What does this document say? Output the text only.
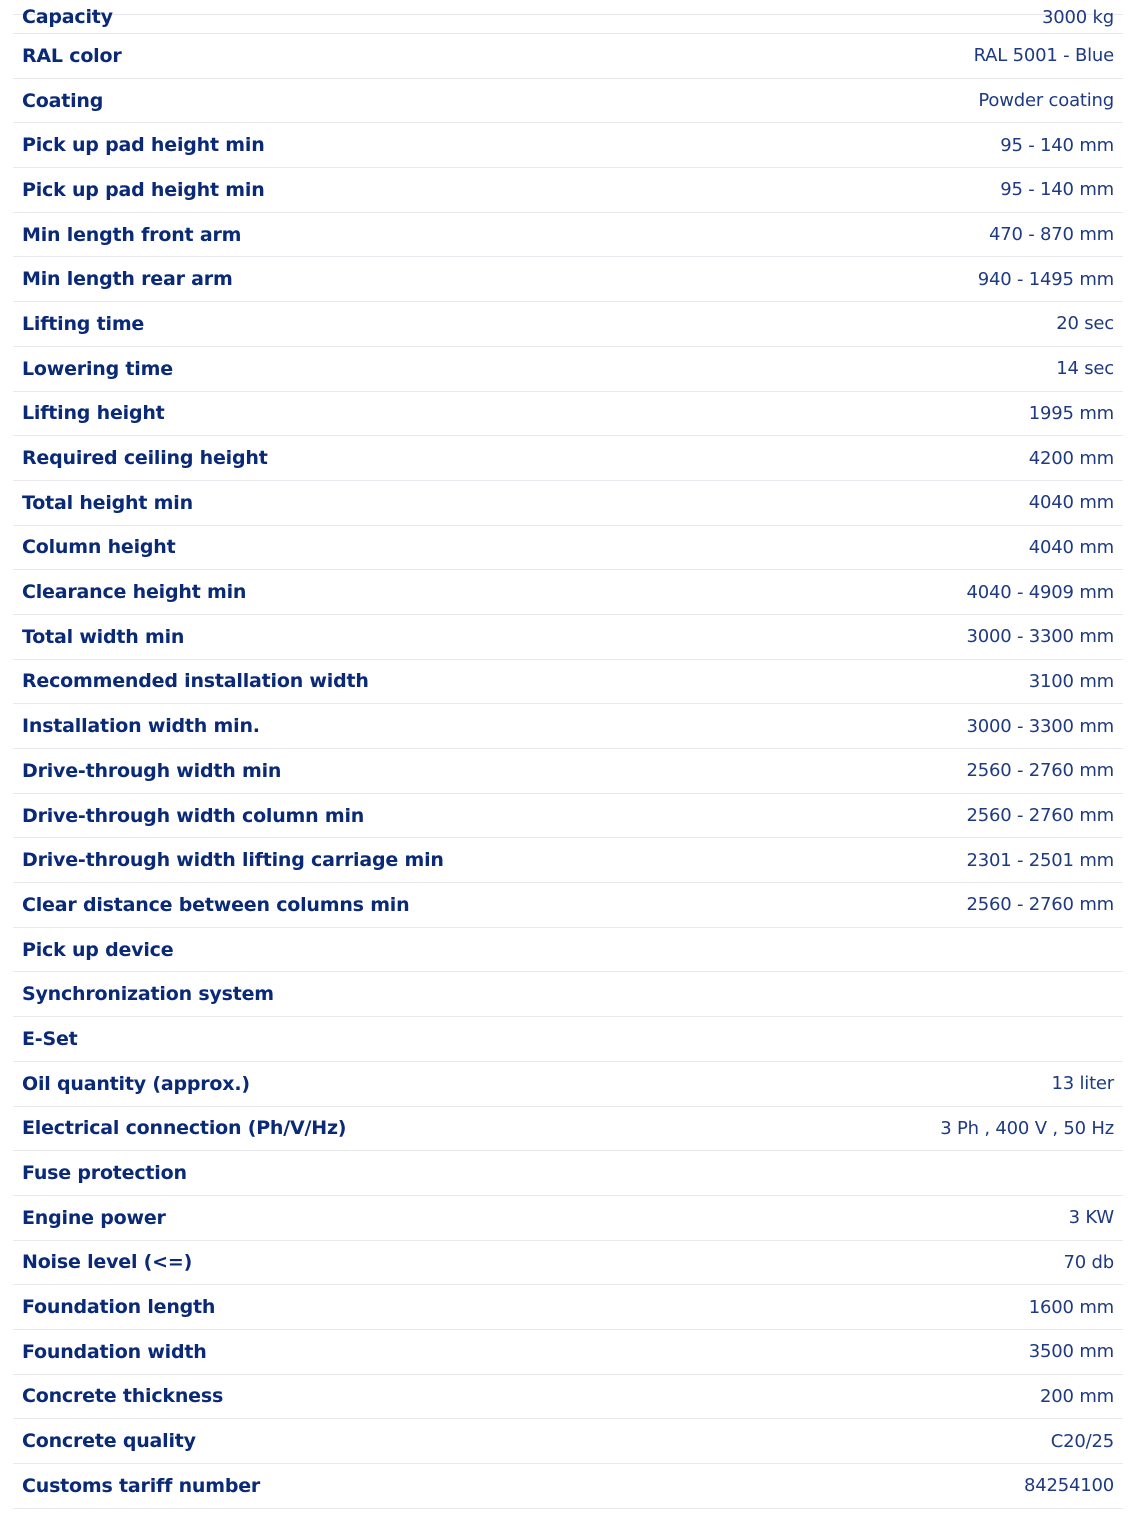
Capacity	3000 kg
RAL color	RAL 5001 - Blue
Coating	Powder coating
Pick up pad height min	95 - 140 mm
Pick up pad height min	95 - 140 mm
Min length front arm	470 - 870 mm
Min length rear arm	940 - 1495 mm
Lifting time	20 sec
Lowering time	14 sec
Lifting height	1995 mm
Required ceiling height	4200 mm
Total height min	4040 mm
Column height	4040 mm
Clearance height min	4040 - 4909 mm
Total width min	3000 - 3300 mm
Recommended installation width	3100 mm
Installation width min.	3000 - 3300 mm
Drive-through width min	2560 - 2760 mm
Drive-through width column min	2560 - 2760 mm
Drive-through width lifting carriage min	2301 - 2501 mm
Clear distance between columns min	2560 - 2760 mm
Pick up device
Synchronization system
E-Set
Oil quantity (approx.)	13 liter
Electrical connection (Ph/V/Hz)	3 Ph , 400 V , 50 Hz
Fuse protection
Engine power	3 KW
Noise level (<=)	70 db
Foundation length	1600 mm
Foundation width	3500 mm
Concrete thickness	200 mm
Concrete quality	C20/25
Customs tariff number	84254100
